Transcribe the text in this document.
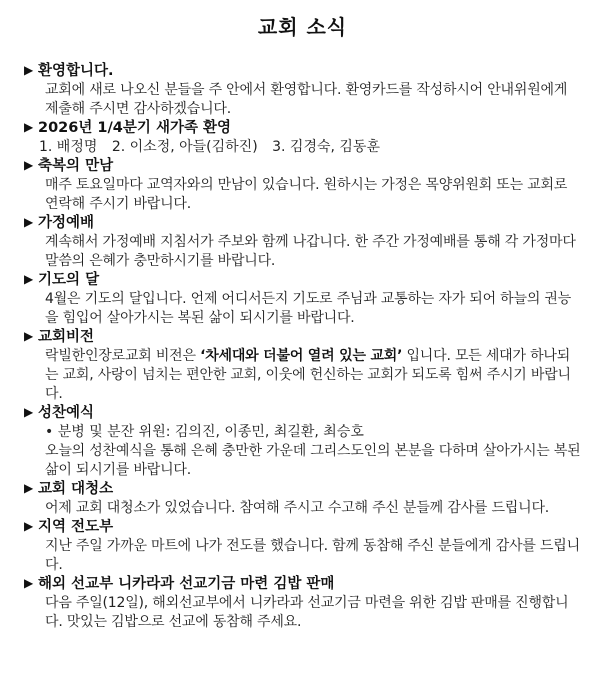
교회 소식
▶ 환영합니다.

교회에 새로 나오신 분들을 주 안에서 환영합니다. 환영카드를 작성하시어 안내위원에게 제출해 주시면 감사하겠습니다.

▶ 2026년 1/4분기 새가족 환영
1. 배정명 2. 이소정, 아들(김하진) 3. 김경숙, 김동훈
▶ 축복의 만남

매주 토요일마다 교역자와의 만남이 있습니다. 원하시는 가정은 목양위원회 또는 교회로 연락해 주시기 바랍니다.

▶ 가정예배

계속해서 가정예배 지침서가 주보와 함께 나갑니다. 한 주간 가정예배를 통해 각 가정마다 말씀의 은혜가 충만하시기를 바랍니다.

▶ 기도의 달

4월은 기도의 달입니다. 언제 어디서든지 기도로 주님과 교통하는 자가 되어 하늘의 권능을 힘입어 살아가시는 복된 삶이 되시기를 바랍니다.

▶ 교회비전

락빌한인장로교회 비전은 ‘차세대와 더불어 열려 있는 교회’ 입니다. 모든 세대가 하나되는 교회, 사랑이 넘치는 편안한 교회, 이웃에 헌신하는 교회가 되도록 힘써 주시기 바랍니다.

▶ 성찬예식
• 분병 및 분잔 위원: 김의진, 이종민, 최길환, 최승호

오늘의 성찬예식을 통해 은혜 충만한 가운데 그리스도인의 본분을 다하며 살아가시는 복된 삶이 되시기를 바랍니다.

▶ 교회 대청소

어제 교회 대청소가 있었습니다. 참여해 주시고 수고해 주신 분들께 감사를 드립니다.

▶ 지역 전도부

지난 주일 가까운 마트에 나가 전도를 했습니다. 함께 동참해 주신 분들에게 감사를 드립니다.

▶ 해외 선교부 니카라과 선교기금 마련 김밥 판매

다음 주일(12일), 해외선교부에서 니카라과 선교기금 마련을 위한 김밥 판매를 진행합니다. 맛있는 김밥으로 선교에 동참해 주세요.
